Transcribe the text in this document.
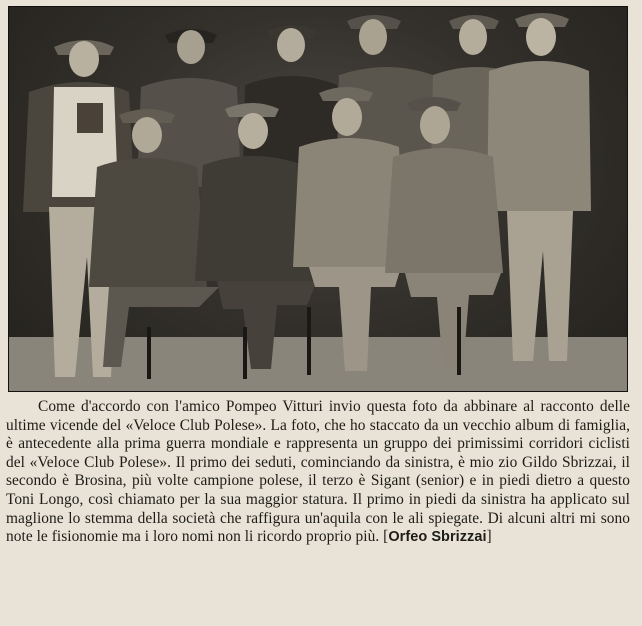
Come d'accordo con l'amico Pompeo Vitturi invio questa foto da abbinare al racconto delle ultime vicende del «Veloce Club Polese». La foto, che ho staccato da un vecchio album di famiglia, è antecedente alla prima guerra mondiale e rappresenta un gruppo dei primissimi corridori ciclisti del «Veloce Club Polese». Il primo dei seduti, cominciando da sinistra, è mio zio Gildo Sbrizzai, il secondo è Brosina, più volte campione polese, il terzo è Sigant (senior) e in piedi dietro a questo Toni Longo, così chiamato per la sua maggior statura. Il primo in piedi da sinistra ha applicato sul maglione lo stemma della società che raffigura un'aquila con le ali spiegate. Di alcuni altri mi sono note le fisionomie ma i loro nomi non li ricordo proprio più. [Orfeo Sbrizzai]
